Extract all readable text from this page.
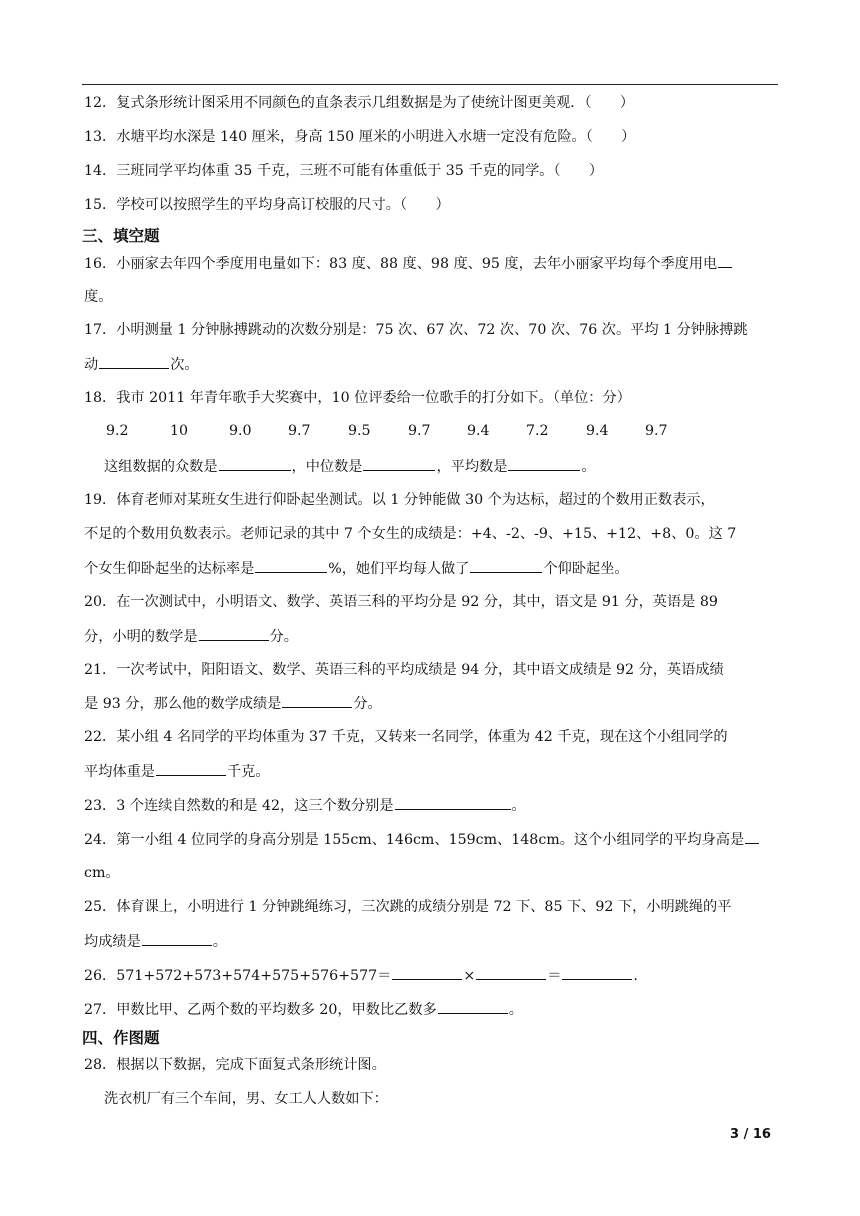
12．复式条形统计图采用不同颜色的直条表示几组数据是为了使统计图更美观．（　　）
13．水塘平均水深是 140 厘米，身高 150 厘米的小明进入水塘一定没有危险。（　　）
14．三班同学平均体重 35 千克，三班不可能有体重低于 35 千克的同学。（　　）
15．学校可以按照学生的平均身高订校服的尺寸。（　　）
三、填空题
16．小丽家去年四个季度用电量如下：83 度、88 度、98 度、95 度，去年小丽家平均每个季度用电
度。
17．小明测量 1 分钟脉搏跳动的次数分别是：75 次、67 次、72 次、70 次、76 次。平均 1 分钟脉搏跳
动	次。
18．我市 2011 年青年歌手大奖赛中，10 位评委给一位歌手的打分如下。（单位：分）
9.2	10	9.0	9.7	9.5	9.7	9.4	7.2	9.4	9.7
这组数据的众数是	，中位数是	，平均数是	。
19．体育老师对某班女生进行仰卧起坐测试。以 1 分钟能做 30 个为达标，超过的个数用正数表示，
不足的个数用负数表示。老师记录的其中 7 个女生的成绩是：+4、-2、-9、+15、+12、+8、0。这 7
个女生仰卧起坐的达标率是	%，她们平均每人做了	个仰卧起坐。
20．在一次测试中，小明语文、数学、英语三科的平均分是 92 分，其中，语文是 91 分，英语是 89
分，小明的数学是	分。
21．一次考试中，阳阳语文、数学、英语三科的平均成绩是 94 分，其中语文成绩是 92 分，英语成绩
是 93 分，那么他的数学成绩是	分。
22．某小组 4 名同学的平均体重为 37 千克，又转来一名同学，体重为 42 千克，现在这个小组同学的
平均体重是	千克。
23．3 个连续自然数的和是 42，这三个数分别是	。
24．第一小组 4 位同学的身高分别是 155cm、146cm、159cm、148cm。这个小组同学的平均身高是
cm。
25．体育课上，小明进行 1 分钟跳绳练习，三次跳的成绩分别是 72 下、85 下、92 下，小明跳绳的平
均成绩是	。
26．571+572+573+574+575+576+577＝	×	＝	.
27．甲数比甲、乙两个数的平均数多 20，甲数比乙数多	。
四、作图题
28．根据以下数据，完成下面复式条形统计图。
洗衣机厂有三个车间，男、女工人人数如下：
3 / 16
